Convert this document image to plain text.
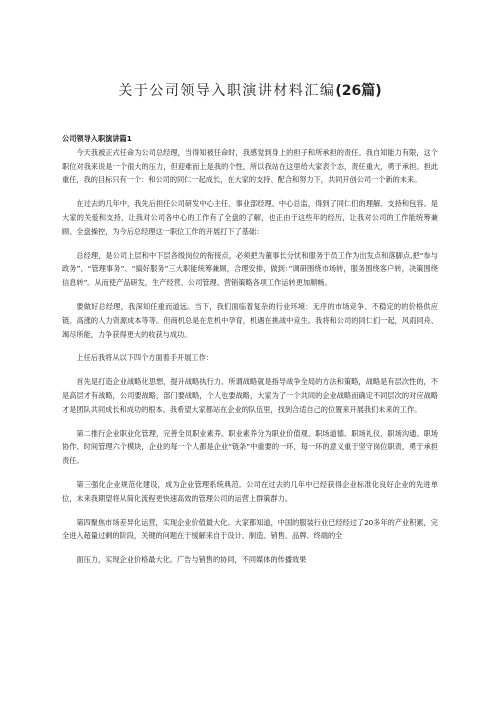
关于公司领导入职演讲材料汇编(26篇)

公司领导入职演讲篇1

今天我被正式任命为公司总经理，当得知被任命时，我感觉到身上的担子和所承担的责任。我自知能力有限，这个职位对我来说是一个很大的压力，但迎难而上是我的个性，所以我站在这里给大家表个态，责任重大，勇于承担。担此重任，我的目标只有一个：和公司的同仁一起成长，在大家的支持、配合和努力下，共同开创公司一个新的未来。

在过去的几年中，我先后担任公司研发中心主任、事业部经理、中心总监，得到了同仁们的理解、支持和包容。是大家的关爱和支持，让我对公司各中心的工作有了全盘的了解，也正由于这些年的经历，让我对公司的工作能统筹兼顾、全盘操控，为今后总经理这一职位工作的开展打下了基础：

总经理，是公司上层和中下层各级岗位的衔接点，必须把为董事长分忧和服务于员工作为出发点和落脚点,把“参与政务”、“管理事务”、“搞好服务”三大职能统筹兼顾，合理安排，做到：”调研围绕市场转，服务围绕客户转，决策围绕信息转”。从而使产品研发，生产经营、公司管理、营销策略各项工作运转更加顺畅。

要做好总经理，我深知任重而道远。当下，我们面临着复杂的行业环境：无序的市场竞争、不稳定的的价格供应链、高涨的人力资源成本等等。但商机总是在危机中孕育，机遇在挑战中竞生。我将和公司的同仁们一起，风雨同舟、竭尽所能，力争获得更大的收获与成功。

上任后我将从以下四个方面着手开展工作：

首先是打造企业战略化思想，提升战略执行力。所谓战略就是指导战争全局的方法和策略，战略是有层次性的，不是高层才有战略，公司要战略，部门要战略，个人也要战略，大家为了一个共同的企业战略而确定不同层次的对应战略才是团队共同成长和成功的根本。我希望大家都站在企业的队伍里，找到合适自己的位置来开展我们未来的工作。

第二推行企业职业化管理，完善全员职业素养。职业素养分为职业价值观、职场道德、职场礼仪、职场沟通、职场协作、时间管理六个模块，企业的每一个人都是企业“链条”中重要的一环，每一环的意义重于坚守岗位职责，勇于承担责任。

第三强化企业规范化建设，成为企业管理系统典范。公司在过去的几年中已经获得企业标准化良好企业的先进单位，未来我期望将从简化流程更快速高效的管理公司的运营上群策群力。

第四聚焦市场差异化运营，实现企业价值最大化。大家都知道，中国的服装行业已经经过了20多年的产业积累，完全进入超量过剩的阶段，关键的问题在于缓解来自于设计、制造、销售、品牌、终端的全

面压力，实现企业价格最大化。广告与销售的协同，不同媒体的传播效果
